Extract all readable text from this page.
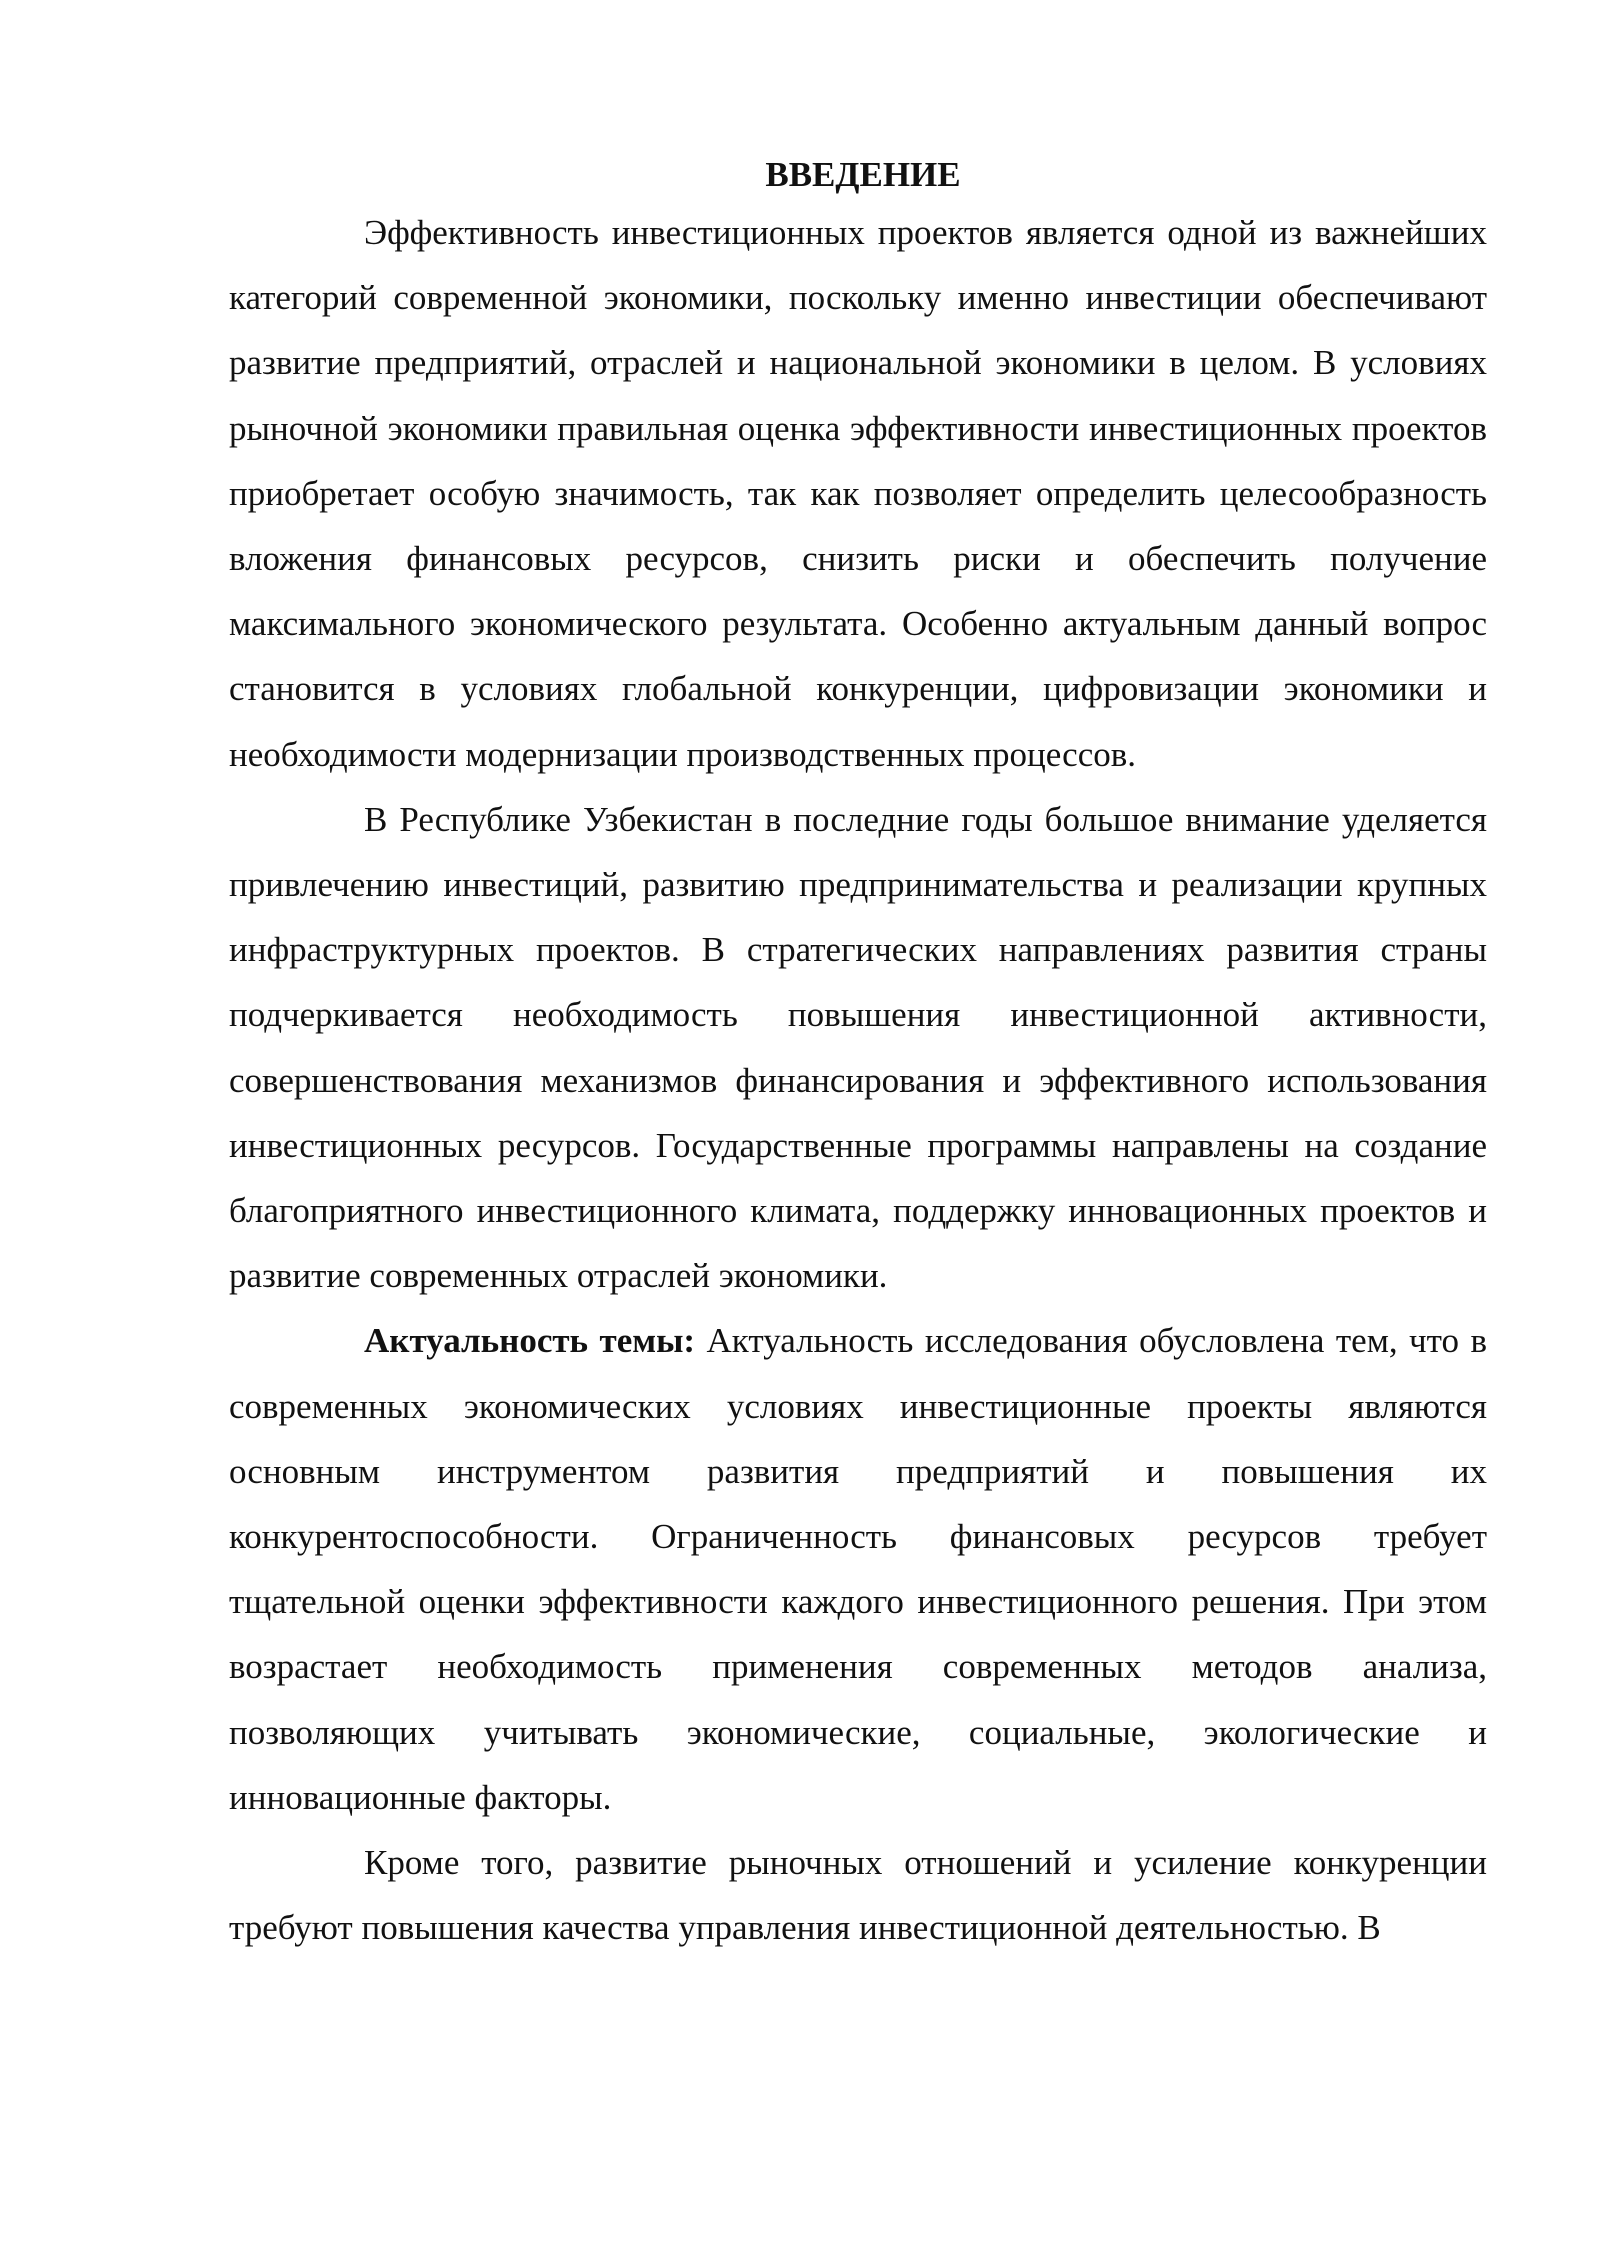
ВВЕДЕНИЕ

Эффективность инвестиционных проектов является одной из важнейших категорий современной экономики, поскольку именно инвестиции обеспечивают развитие предприятий, отраслей и национальной экономики в целом. В условиях рыночной экономики правильная оценка эффективности инвестиционных проектов приобретает особую значимость, так как позволяет определить целесообразность вложения финансовых ресурсов, снизить риски и обеспечить получение максимального экономического результата. Особенно актуальным данный вопрос становится в условиях глобальной конкуренции, цифровизации экономики и необходимости модернизации производственных процессов.

В Республике Узбекистан в последние годы большое внимание уделяется привлечению инвестиций, развитию предпринимательства и реализации крупных инфраструктурных проектов. В стратегических направлениях развития страны подчеркивается необходимость повышения инвестиционной активности, совершенствования механизмов финансирования и эффективного использования инвестиционных ресурсов. Государственные программы направлены на создание благоприятного инвестиционного климата, поддержку инновационных проектов и развитие современных отраслей экономики.

Актуальность темы: Актуальность исследования обусловлена тем, что в современных экономических условиях инвестиционные проекты являются основным инструментом развития предприятий и повышения их конкурентоспособности. Ограниченность финансовых ресурсов требует тщательной оценки эффективности каждого инвестиционного решения. При этом возрастает необходимость применения современных методов анализа, позволяющих учитывать экономические, социальные, экологические и инновационные факторы.

Кроме того, развитие рыночных отношений и усиление конкуренции требуют повышения качества управления инвестиционной деятельностью. В
